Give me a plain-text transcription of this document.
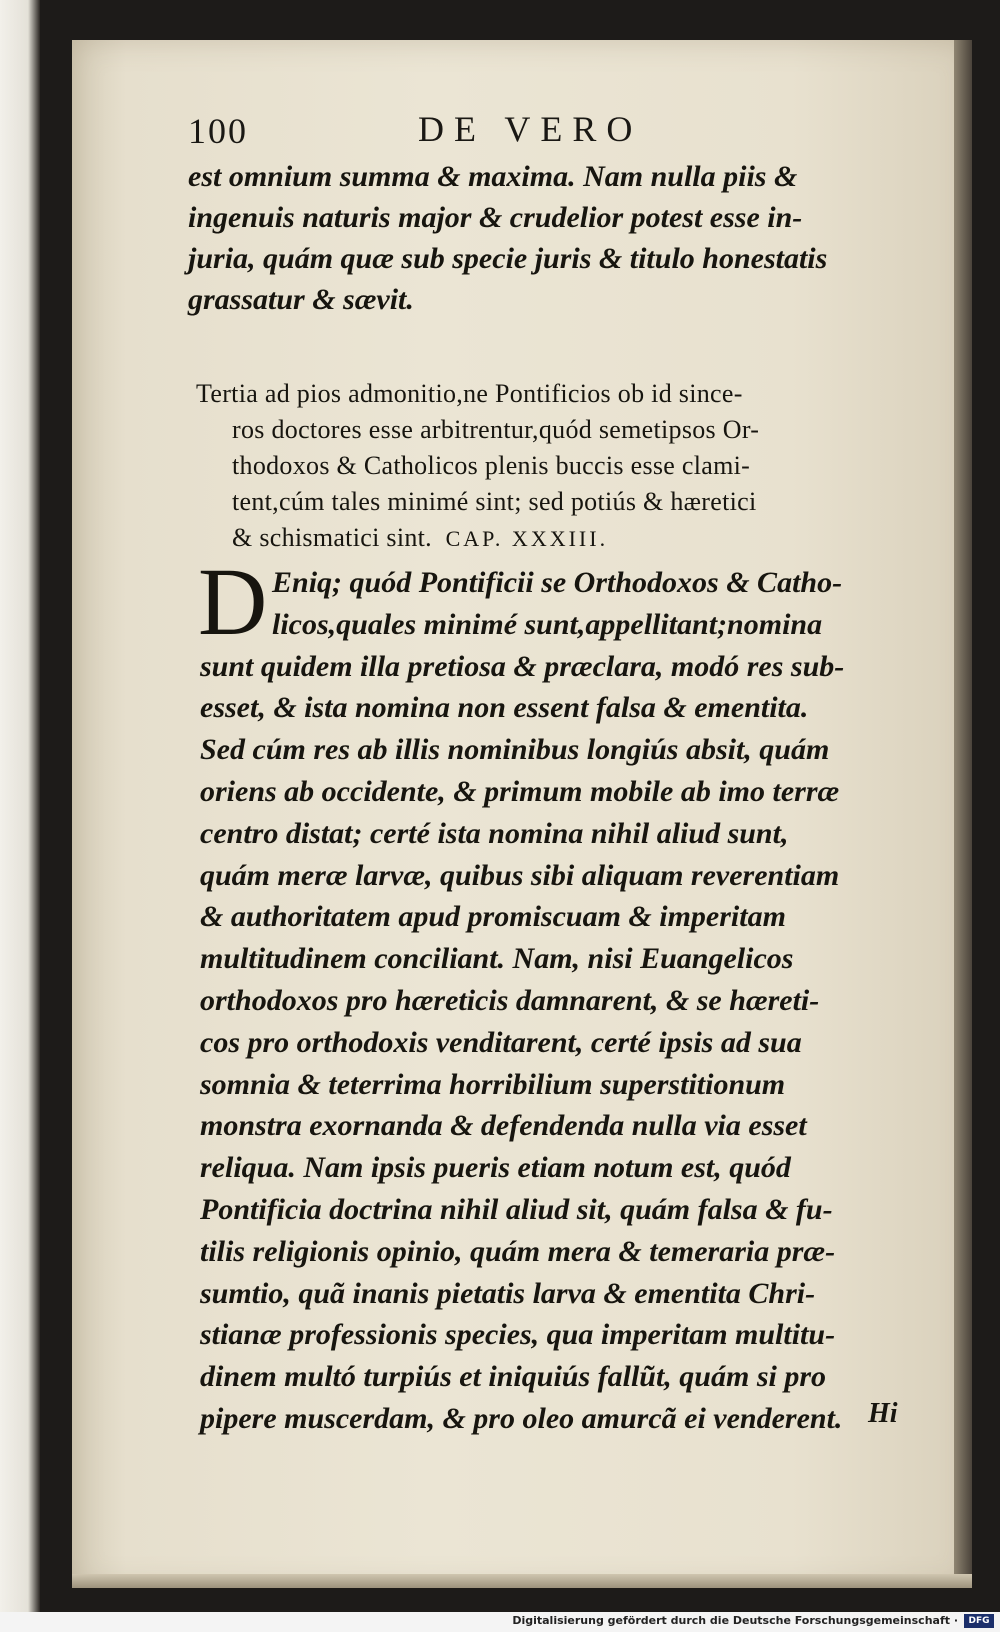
100	DE VERO
est omnium summa & maxima. Nam nulla piis &
ingenuis naturis major & crudelior potest esse in-
juria, quám quæ sub specie juris & titulo honestatis
grassatur & sævit.
Tertia ad pios admonitio,ne Pontificios ob id since-
ros doctores esse arbitrentur,quód semetipsos Or-
thodoxos & Catholicos plenis buccis esse clami-
tent,cúm tales minimé sint; sed potiús & hæretici
& schismatici sint. CAP. XXXIII.
D Eniq; quód Pontificii se Orthodoxos & Catho-
licos,quales minimé sunt,appellitant;nomina
sunt quidem illa pretiosa & præclara, modó res sub-
esset, & ista nomina non essent falsa & ementita.
Sed cúm res ab illis nominibus longiús absit, quám
oriens ab occidente, & primum mobile ab imo terræ
centro distat; certé ista nomina nihil aliud sunt,
quám meræ larvæ, quibus sibi aliquam reverentiam
& authoritatem apud promiscuam & imperitam
multitudinem conciliant. Nam, nisi Euangelicos
orthodoxos pro hæreticis damnarent, & se hæreti-
cos pro orthodoxis venditarent, certé ipsis ad sua
somnia & teterrima horribilium superstitionum
monstra exornanda & defendenda nulla via esset
reliqua. Nam ipsis pueris etiam notum est, quód
Pontificia doctrina nihil aliud sit, quám falsa & fu-
tilis religionis opinio, quám mera & temeraria præ-
sumtio, quã inanis pietatis larva & ementita Chri-
stianæ professionis species, qua imperitam multitu-
dinem multó turpiús et iniquiús fallũt, quám si pro
pipere muscerdam, & pro oleo amurcã ei venderent. Hi
Digitalisierung gefördert durch die Deutsche Forschungsgemeinschaft ·	DFG
